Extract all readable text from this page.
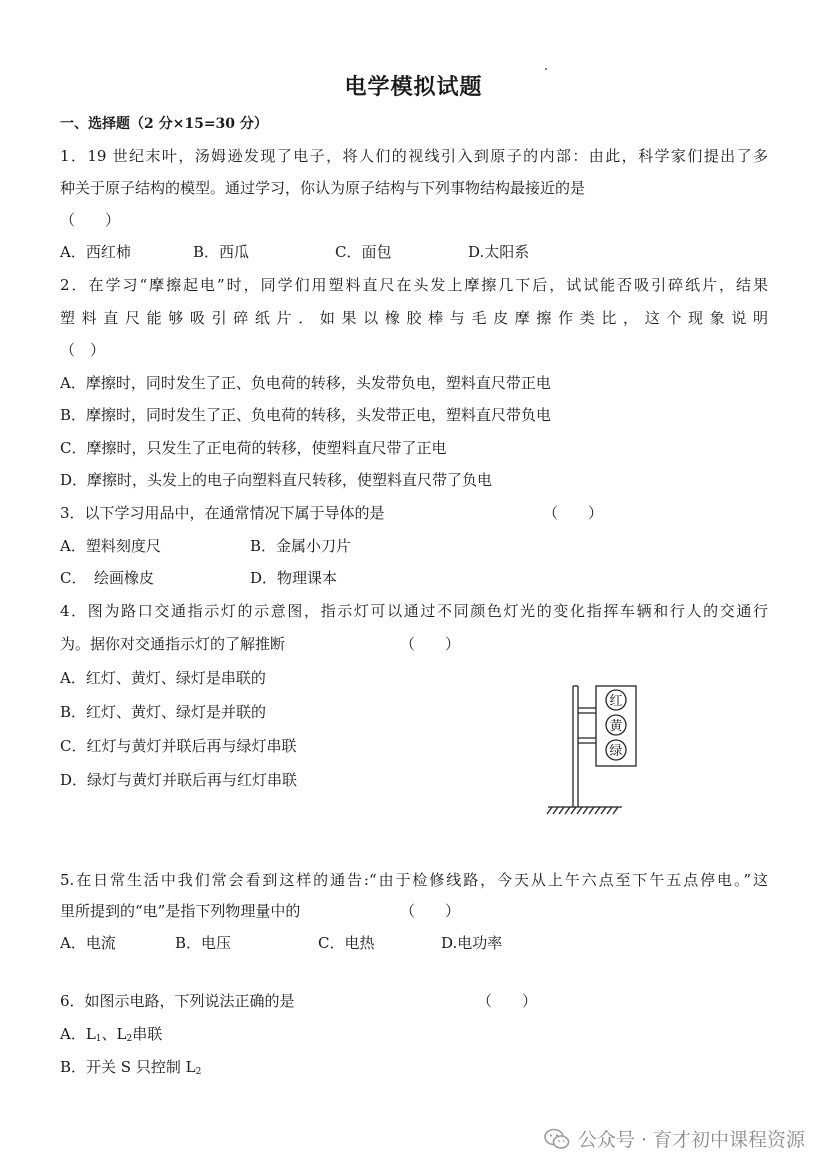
电学模拟试题
一、选择题（2 分×15=30 分）
1．19 世纪末叶，汤姆逊发现了电子，将人们的视线引入到原子的内部：由此，科学家们提出了多
种关于原子结构的模型。通过学习，你认为原子结构与下列事物结构最接近的是
（　　）
A．西红柿	B．西瓜	C．面包	D.太阳系
2．在学习“摩擦起电”时，同学们用塑料直尺在头发上摩擦几下后，试试能否吸引碎纸片，结果
塑料直尺能够吸引碎纸片．如果以橡胶棒与毛皮摩擦作类比，这个现象说明
（　）
A．摩擦时，同时发生了正、负电荷的转移，头发带负电，塑料直尺带正电
B．摩擦时，同时发生了正、负电荷的转移，头发带正电，塑料直尺带负电
C．摩擦时，只发生了正电荷的转移，使塑料直尺带了正电
D．摩擦时，头发上的电子向塑料直尺转移，使塑料直尺带了负电
3．以下学习用品中，在通常情况下属于导体的是	（　　）
A．塑料刻度尺	B．金属小刀片
C．　绘画橡皮	D．物理课本
4．图为路口交通指示灯的示意图，指示灯可以通过不同颜色灯光的变化指挥车辆和行人的交通行
为。据你对交通指示灯的了解推断	（　　）
A．红灯、黄灯、绿灯是串联的
B．红灯、黄灯、绿灯是并联的
C．红灯与黄灯并联后再与绿灯串联
D．绿灯与黄灯并联后再与红灯串联
红
黄
绿
5.在日常生活中我们常会看到这样的通告:“由于检修线路，今天从上午六点至下午五点停电。”这
里所提到的“电”是指下列物理量中的	（　　）
A．电流	B．电压	C．电热	D.电功率
6．如图示电路，下列说法正确的是	（　　）
A．$L_1$、$L_2$串联
B．开关 S 只控制 $L_2$
公众号 · 育才初中课程资源
